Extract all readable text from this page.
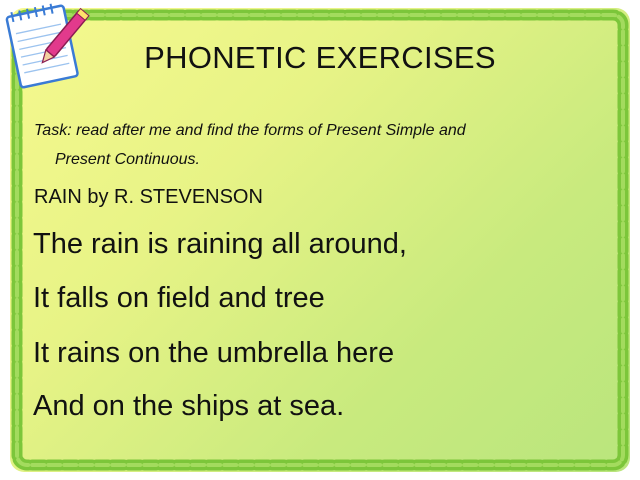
PHONETIC EXERCISES
Task: read after me and find the forms of Present Simple and
Present Continuous.
RAIN by R. STEVENSON
The rain is raining all around,
It falls on field and tree
It rains on the umbrella here
And on the ships at sea.
